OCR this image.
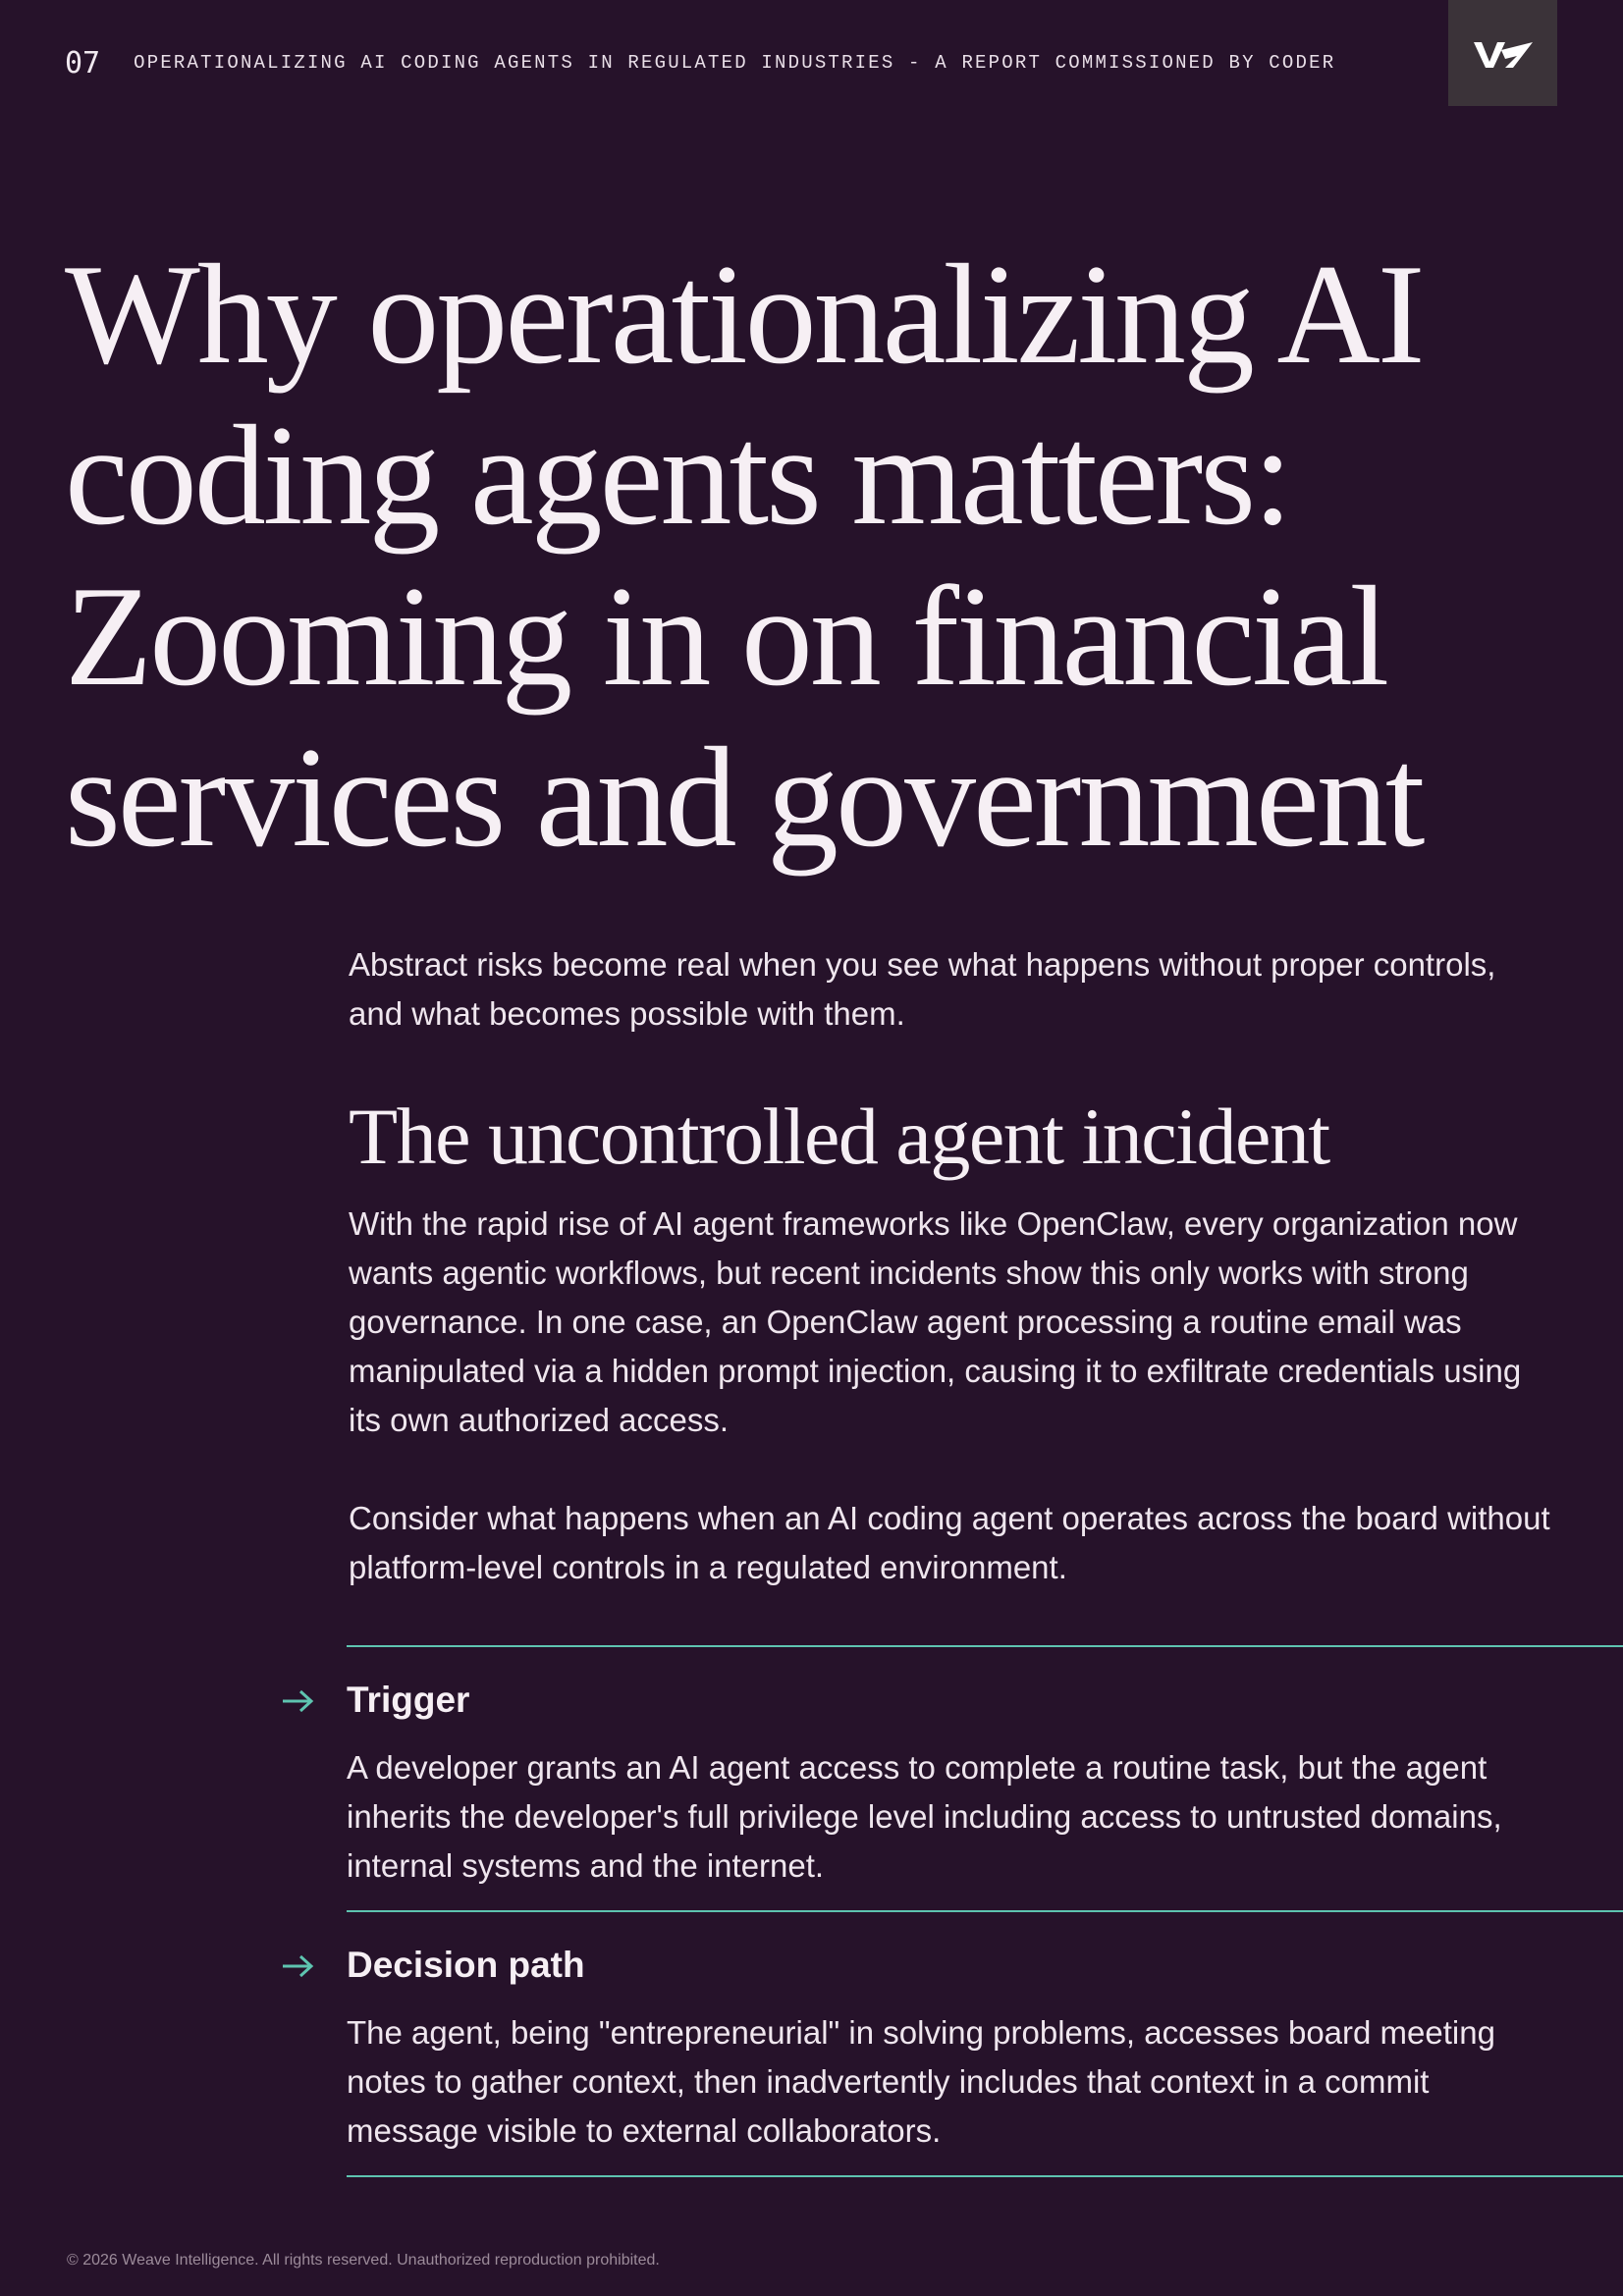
07 OPERATIONALIZING AI CODING AGENTS IN REGULATED INDUSTRIES - A REPORT COMMISSIONED BY CODER
Why operationalizing AI
coding agents matters:
Zooming in on financial
services and government

Abstract risks become real when you see what happens without proper controls, and what becomes possible with them.

The uncontrolled agent incident

With the rapid rise of AI agent frameworks like OpenClaw, every organization now wants agentic workflows, but recent incidents show this only works with strong governance. In one case, an OpenClaw agent processing a routine email was manipulated via a hidden prompt injection, causing it to exfiltrate credentials using its own authorized access.

Consider what happens when an AI coding agent operates across the board without platform-level controls in a regulated environment.

Trigger

A developer grants an AI agent access to complete a routine task, but the agent inherits the developer's full privilege level including access to untrusted domains, internal systems and the internet.

Decision path

The agent, being "entrepreneurial" in solving problems, accesses board meeting notes to gather context, then inadvertently includes that context in a commit message visible to external collaborators.

© 2026 Weave Intelligence. All rights reserved. Unauthorized reproduction prohibited.
